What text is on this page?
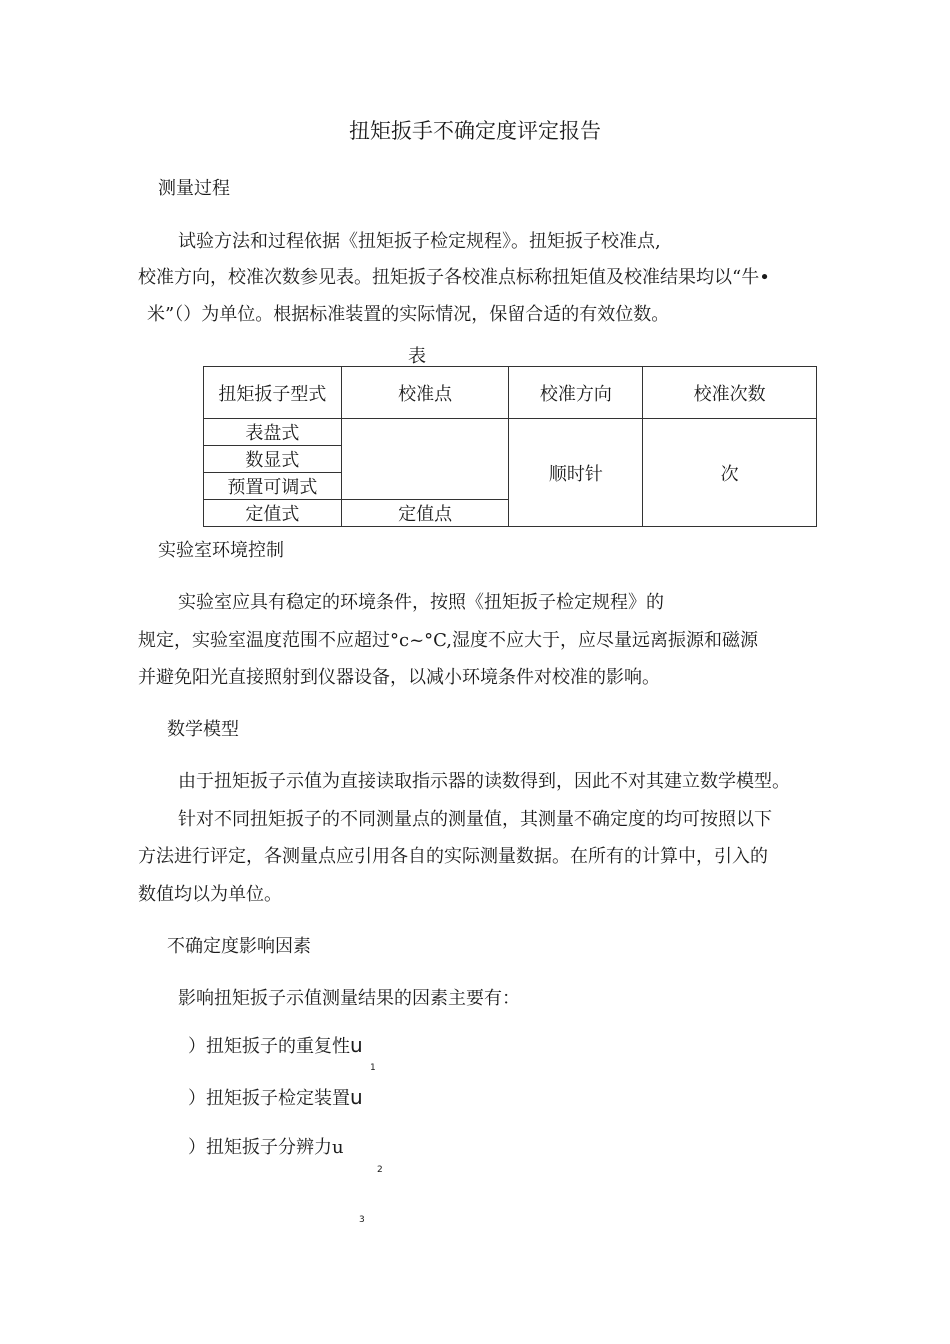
扭矩扳手不确定度评定报告
测量过程
试验方法和过程依据《扭矩扳子检定规程》。扭矩扳子校准点,
校准方向，校准次数参见表。扭矩扳子各校准点标称扭矩值及校准结果均以“牛•
米”（）为单位。根据标准装置的实际情况，保留合适的有效位数。
表
扭矩扳子型式	校准点	校准方向	校准次数
表盘式		顺时针	次
数显式			
预置可调式			
定值式	定值点		
实验室环境控制
实验室应具有稳定的环境条件，按照《扭矩扳子检定规程》的
规定，实验室温度范围不应超过°c~°C,湿度不应大于，应尽量远离振源和磁源
并避免阳光直接照射到仪器设备，以减小环境条件对校准的影响。
数学模型
由于扭矩扳子示值为直接读取指示器的读数得到，因此不对其建立数学模型。
针对不同扭矩扳子的不同测量点的测量值，其测量不确定度的均可按照以下
方法进行评定，各测量点应引用各自的实际测量数据。在所有的计算中，引入的
数值均以为单位。
不确定度影响因素
影响扭矩扳子示值测量结果的因素主要有：
）扭矩扳子的重复性u
1
）扭矩扳子检定装置u
）扭矩扳子分辨力u
2
3
